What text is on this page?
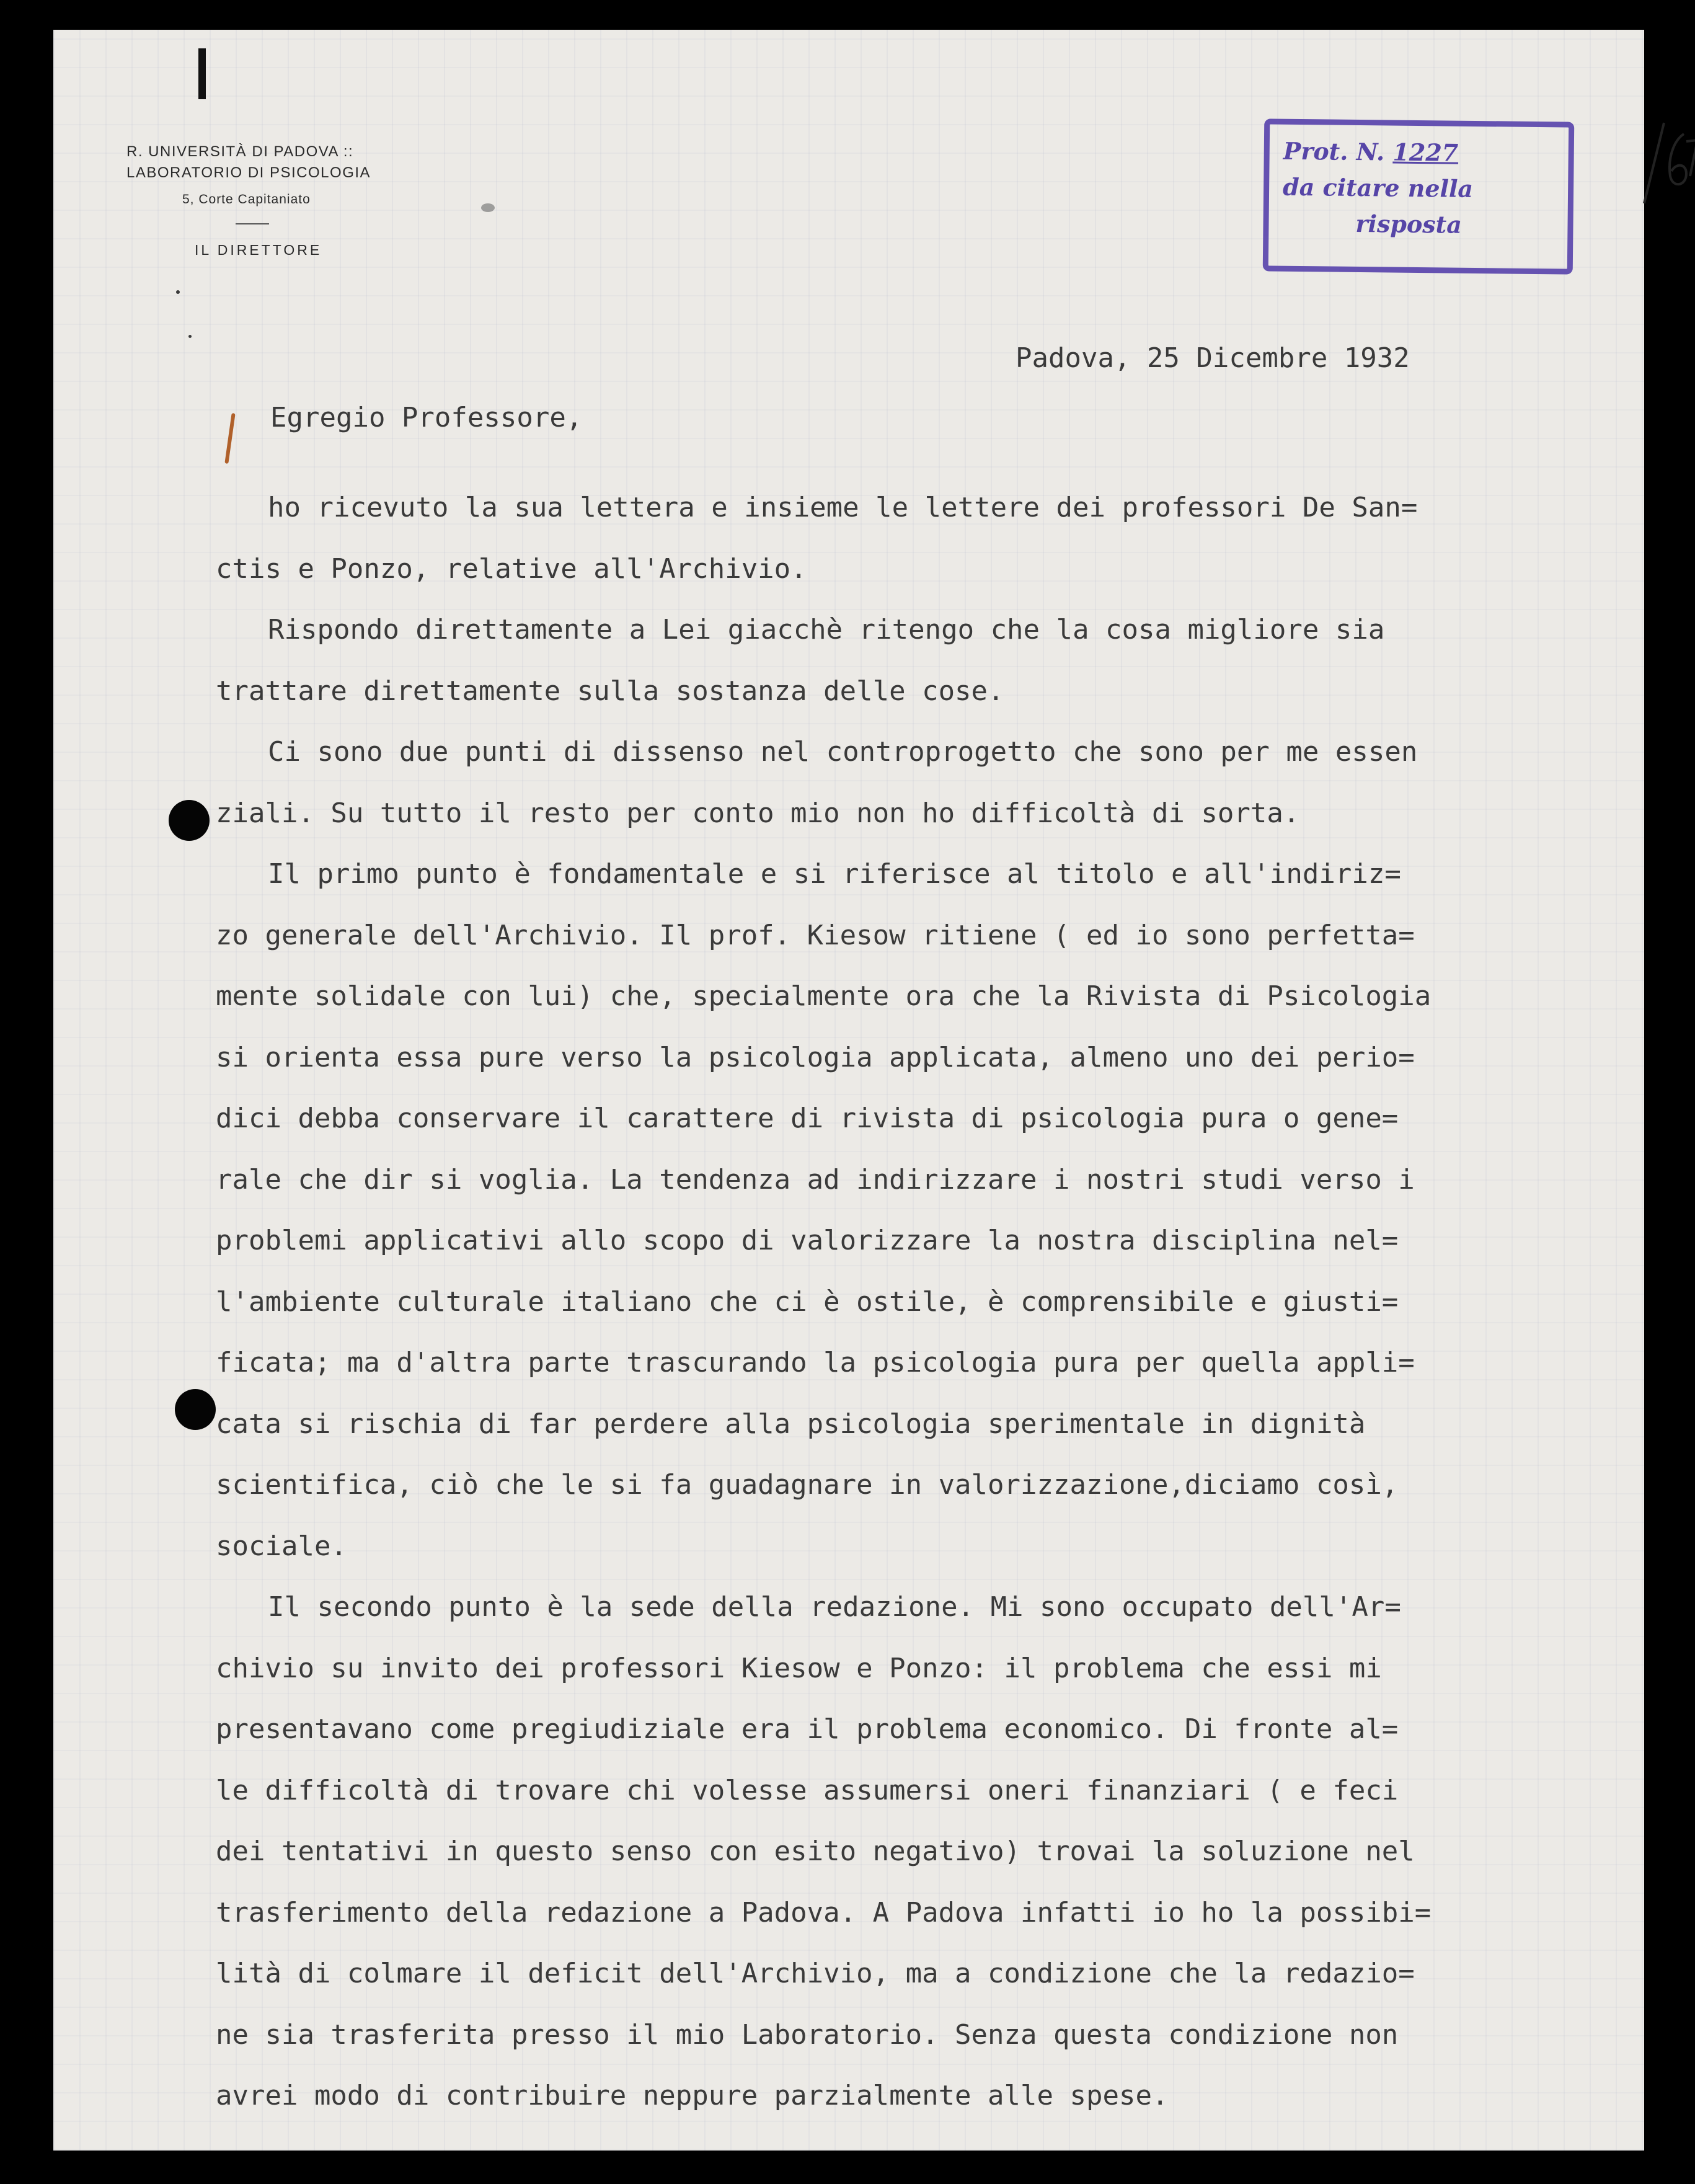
R. UNIVERSITÀ DI PADOVA ::
LABORATORIO DI PSICOLOGIA
5, Corte Capitaniato
IL DIRETTORE
Prot. N. 1227
da citare nella
risposta
/67
Padova, 25 Dicembre 1932
Egregio Professore,
ho ricevuto la sua lettera e insieme le lettere dei professori De San=
ctis e Ponzo, relative all'Archivio.
Rispondo direttamente a Lei giacchè ritengo che la cosa migliore sia
trattare direttamente sulla sostanza delle cose.
Ci sono due punti di dissenso nel controprogetto che sono per me essen
ziali. Su tutto il resto per conto mio non ho difficoltà di sorta.
Il primo punto è fondamentale e si riferisce al titolo e all'indiriz=
zo generale dell'Archivio. Il prof. Kiesow ritiene ( ed io sono perfetta=
mente solidale con lui) che, specialmente ora che la Rivista di Psicologia
si orienta essa pure verso la psicologia applicata, almeno uno dei perio=
dici debba conservare il carattere di rivista di psicologia pura o gene=
rale che dir si voglia. La tendenza ad indirizzare i nostri studi verso i
problemi applicativi allo scopo di valorizzare la nostra disciplina nel=
l'ambiente culturale italiano che ci è ostile, è comprensibile e giusti=
ficata; ma d'altra parte trascurando la psicologia pura per quella appli=
cata si rischia di far perdere alla psicologia sperimentale in dignità
scientifica, ciò che le si fa guadagnare in valorizzazione,diciamo così,
sociale.
Il secondo punto è la sede della redazione. Mi sono occupato dell'Ar=
chivio su invito dei professori Kiesow e Ponzo: il problema che essi mi
presentavano come pregiudiziale era il problema economico. Di fronte al=
le difficoltà di trovare chi volesse assumersi oneri finanziari ( e feci
dei tentativi in questo senso con esito negativo) trovai la soluzione nel
trasferimento della redazione a Padova. A Padova infatti io ho la possibi=
lità di colmare il deficit dell'Archivio, ma a condizione che la redazio=
ne sia trasferita presso il mio Laboratorio. Senza questa condizione non
avrei modo di contribuire neppure parzialmente alle spese.
